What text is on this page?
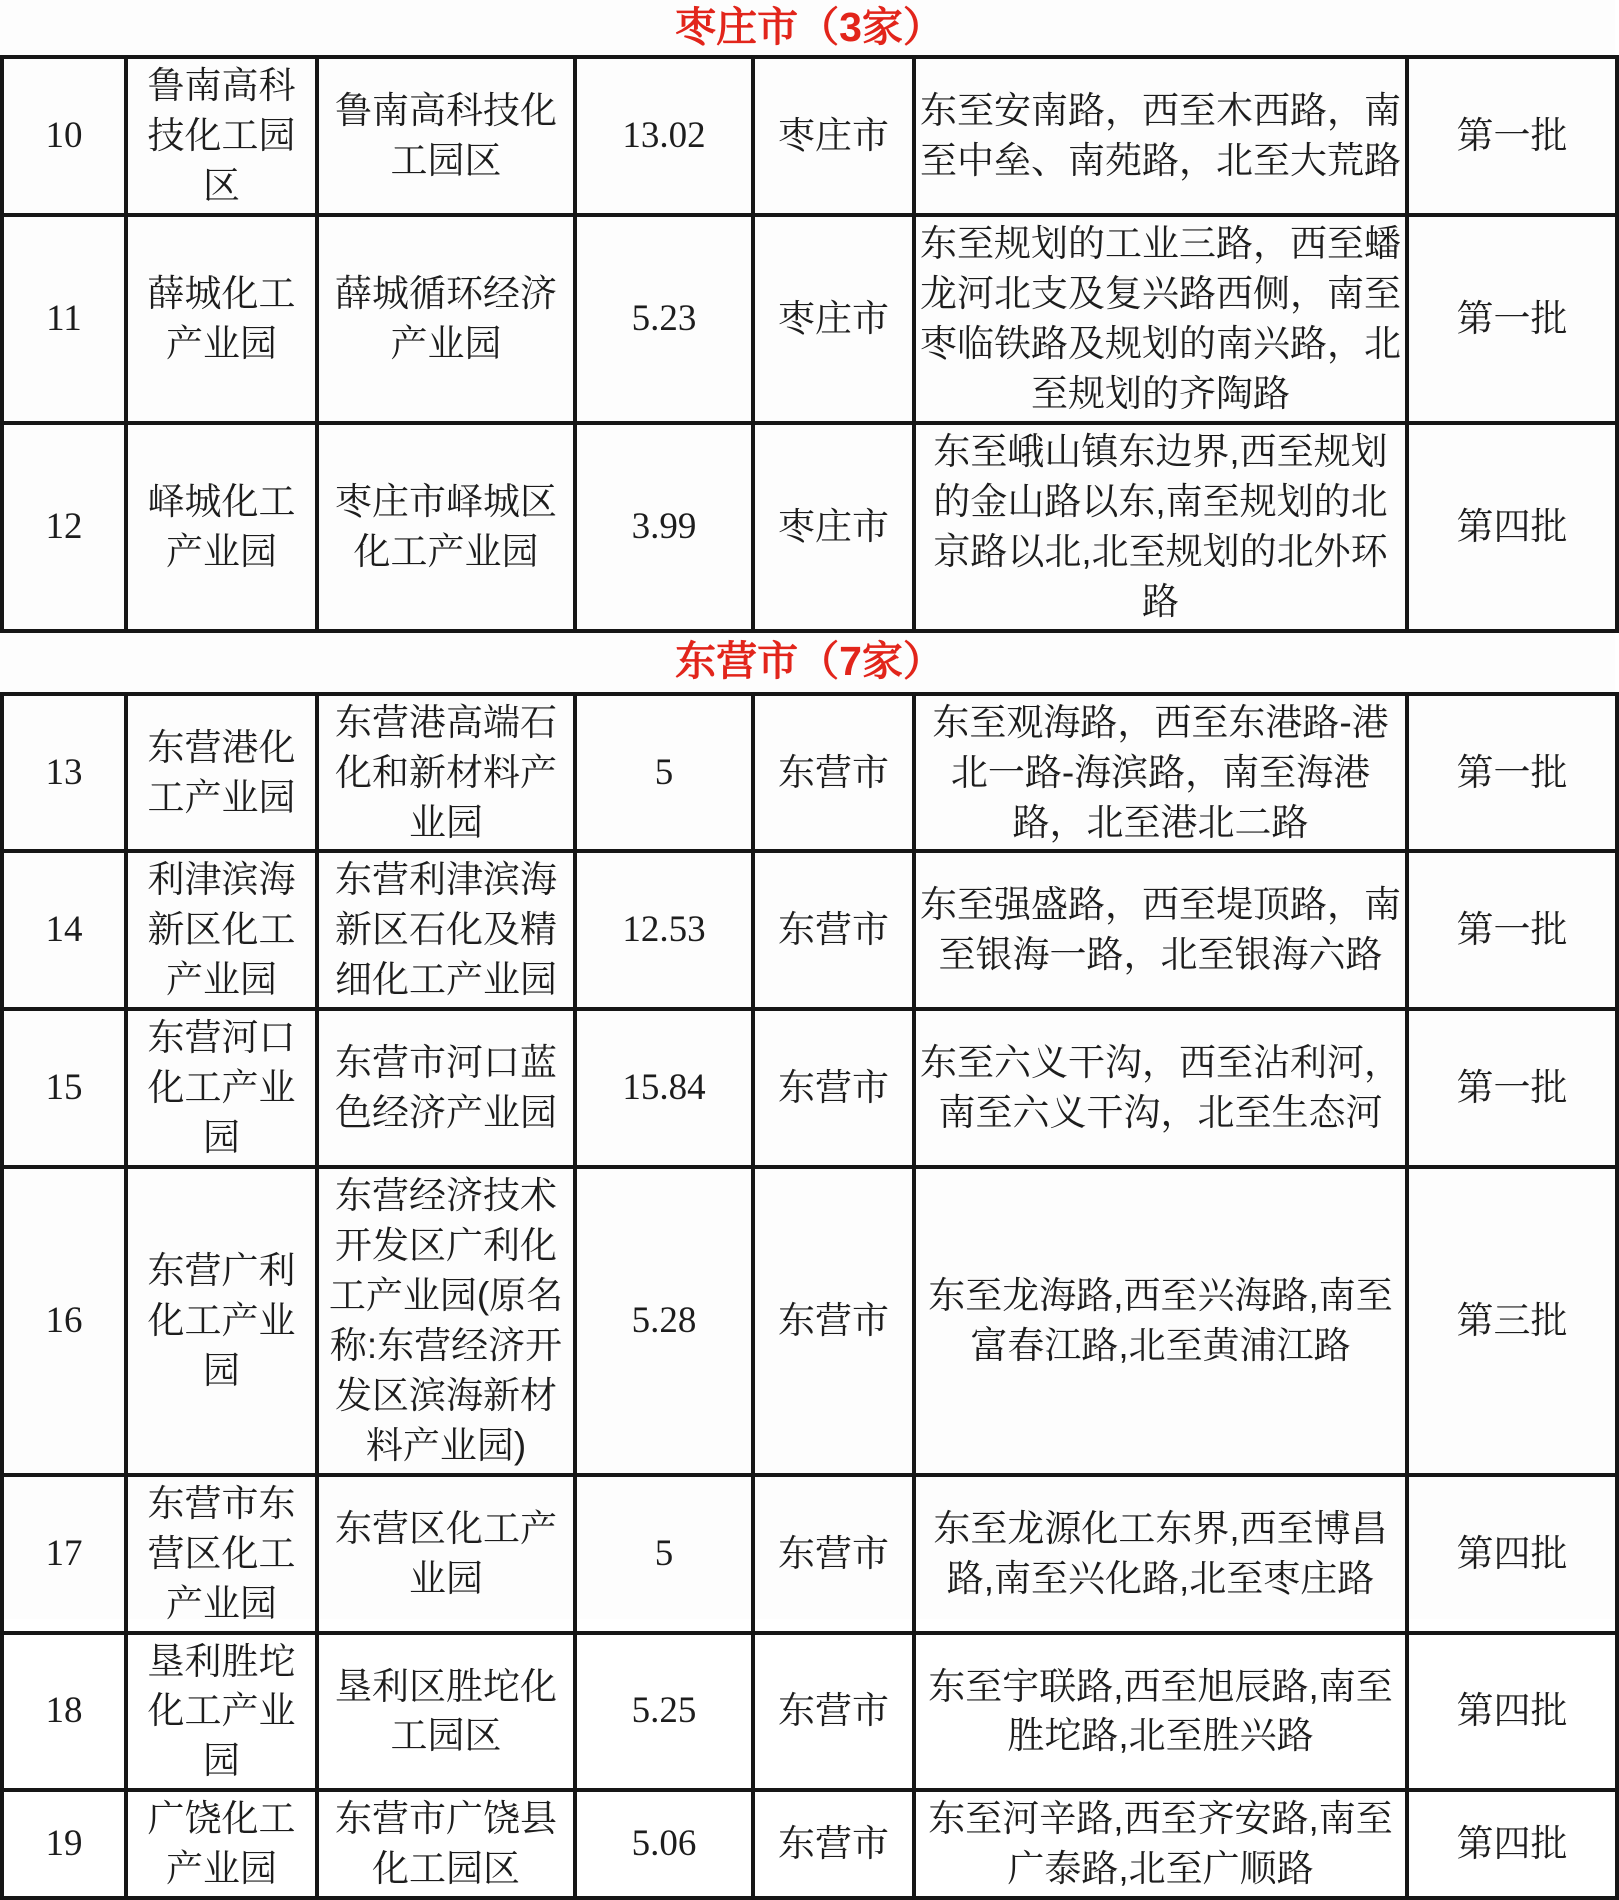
枣庄市（3家）						
10	鲁南高科技化工园区	鲁南高科技化工园区	13.02	枣庄市	东至安南路，西至木西路，南至中垒、南苑路，北至大荒路	第一批
11	薛城化工产业园	薛城循环经济产业园	5.23	枣庄市	东至规划的工业三路，西至蟠龙河北支及复兴路西侧，南至枣临铁路及规划的南兴路，北至规划的齐陶路	第一批
12	峄城化工产业园	枣庄市峄城区化工产业园	3.99	枣庄市	东至峨山镇东边界,西至规划的金山路以东,南至规划的北京路以北,北至规划的北外环路	第四批
东营市（7家）						
13	东营港化工产业园	东营港高端石化和新材料产业园	5	东营市	东至观海路，西至东港路-港北一路-海滨路，南至海港路，北至港北二路	第一批
14	利津滨海新区化工产业园	东营利津滨海新区石化及精细化工产业园	12.53	东营市	东至强盛路，西至堤顶路，南至银海一路，北至银海六路	第一批
15	东营河口化工产业园	东营市河口蓝色经济产业园	15.84	东营市	东至六义干沟，西至沾利河，南至六义干沟，北至生态河	第一批
16	东营广利化工产业园	东营经济技术开发区广利化工产业园(原名称:东营经济开发区滨海新材料产业园)	5.28	东营市	东至龙海路,西至兴海路,南至富春江路,北至黄浦江路	第三批
17	东营市东营区化工产业园	东营区化工产业园	5	东营市	东至龙源化工东界,西至博昌路,南至兴化路,北至枣庄路	第四批
18	垦利胜坨化工产业园	垦利区胜坨化工园区	5.25	东营市	东至宇联路,西至旭辰路,南至胜坨路,北至胜兴路	第四批
19	广饶化工产业园	东营市广饶县化工园区	5.06	东营市	东至河辛路,西至齐安路,南至广泰路,北至广顺路	第四批
